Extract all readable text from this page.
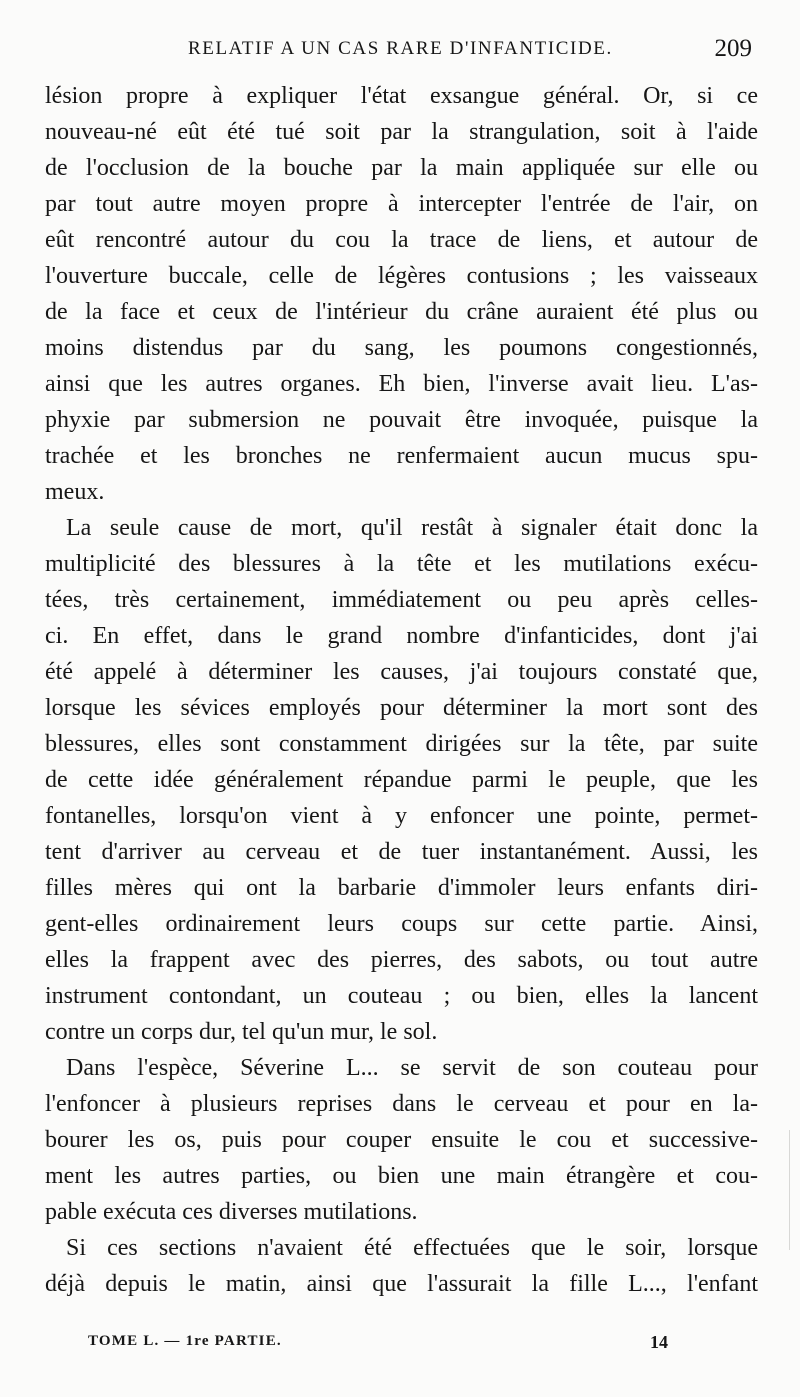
RELATIF A UN CAS RARE D'INFANTICIDE.	209
lésion propre à expliquer l'état exsangue général. Or, si ce
nouveau-né eût été tué soit par la strangulation, soit à l'aide
de l'occlusion de la bouche par la main appliquée sur elle ou
par tout autre moyen propre à intercepter l'entrée de l'air, on
eût rencontré autour du cou la trace de liens, et autour de
l'ouverture buccale, celle de légères contusions ; les vaisseaux
de la face et ceux de l'intérieur du crâne auraient été plus ou
moins distendus par du sang, les poumons congestionnés,
ainsi que les autres organes. Eh bien, l'inverse avait lieu. L'as-
phyxie par submersion ne pouvait être invoquée, puisque la
trachée et les bronches ne renfermaient aucun mucus spu-
meux.
La seule cause de mort, qu'il restât à signaler était donc la
multiplicité des blessures à la tête et les mutilations exécu-
tées, très certainement, immédiatement ou peu après celles-
ci. En effet, dans le grand nombre d'infanticides, dont j'ai
été appelé à déterminer les causes, j'ai toujours constaté que,
lorsque les sévices employés pour déterminer la mort sont des
blessures, elles sont constamment dirigées sur la tête, par suite
de cette idée généralement répandue parmi le peuple, que les
fontanelles, lorsqu'on vient à y enfoncer une pointe, permet-
tent d'arriver au cerveau et de tuer instantanément. Aussi, les
filles mères qui ont la barbarie d'immoler leurs enfants diri-
gent-elles ordinairement leurs coups sur cette partie. Ainsi,
elles la frappent avec des pierres, des sabots, ou tout autre
instrument contondant, un couteau ; ou bien, elles la lancent
contre un corps dur, tel qu'un mur, le sol.
Dans l'espèce, Séverine L... se servit de son couteau pour
l'enfoncer à plusieurs reprises dans le cerveau et pour en la-
bourer les os, puis pour couper ensuite le cou et successive-
ment les autres parties, ou bien une main étrangère et cou-
pable exécuta ces diverses mutilations.
Si ces sections n'avaient été effectuées que le soir, lorsque
déjà depuis le matin, ainsi que l'assurait la fille L..., l'enfant
TOME L. — 1re PARTIE.	14
